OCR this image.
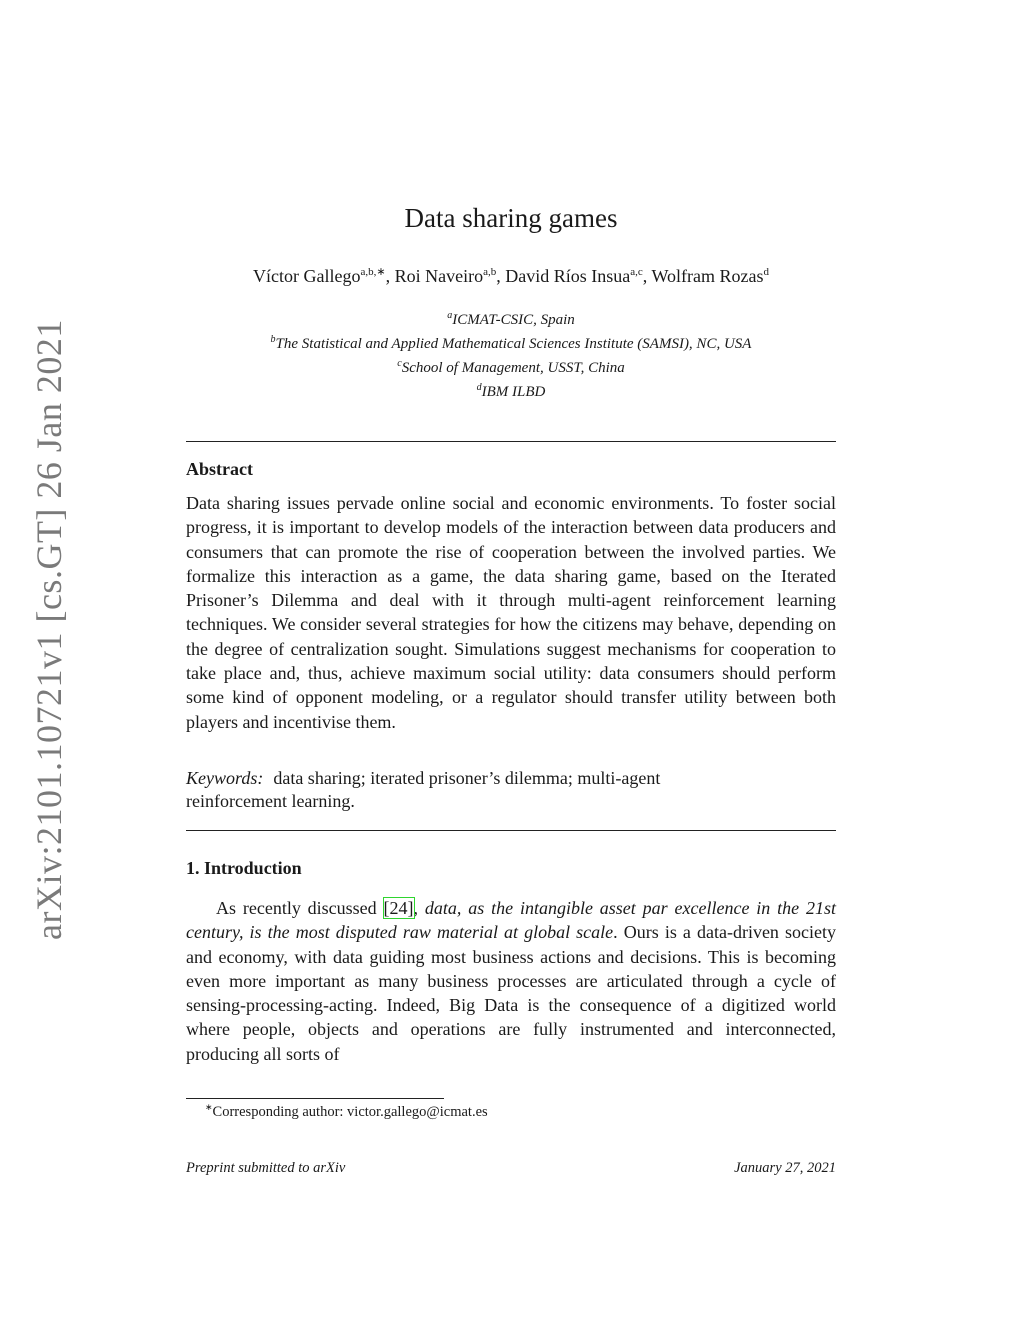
arXiv:2101.10721v1 [cs.GT] 26 Jan 2021
Data sharing games
Víctor Gallego$^{a,b,∗}$, Roi Naveiro$^{a,b}$, David Ríos Insua$^{a,c}$, Wolfram Rozas$^d$
$^a$ICMAT-CSIC, Spain
$^b$The Statistical and Applied Mathematical Sciences Institute (SAMSI), NC, USA
$^c$School of Management, USST, China
$^d$IBM ILBD
Abstract

Data sharing issues pervade online social and economic environments. To foster social progress, it is important to develop models of the interaction between data producers and consumers that can promote the rise of cooperation between the involved parties. We formalize this interaction as a game, the data sharing game, based on the Iterated Prisoner’s Dilemma and deal with it through multi-agent reinforcement learning techniques. We consider several strategies for how the citizens may behave, depending on the degree of centralization sought. Simulations suggest mechanisms for cooperation to take place and, thus, achieve maximum social utility: data consumers should perform some kind of opponent modeling, or a regulator should transfer utility between both players and incentivise them.

Keywords: data sharing; iterated prisoner’s dilemma; multi-agent reinforcement learning.
1. Introduction

As recently discussed [24], data, as the intangible asset par excellence in the 21st century, is the most disputed raw material at global scale. Ours is a data-driven society and economy, with data guiding most business actions and decisions. This is becoming even more important as many business processes are articulated through a cycle of sensing-processing-acting. Indeed, Big Data is the consequence of a digitized world where people, objects and operations are fully instrumented and interconnected, producing all sorts of

∗Corresponding author: victor.gallego@icmat.es
Preprint submitted to arXiv	January 27, 2021
